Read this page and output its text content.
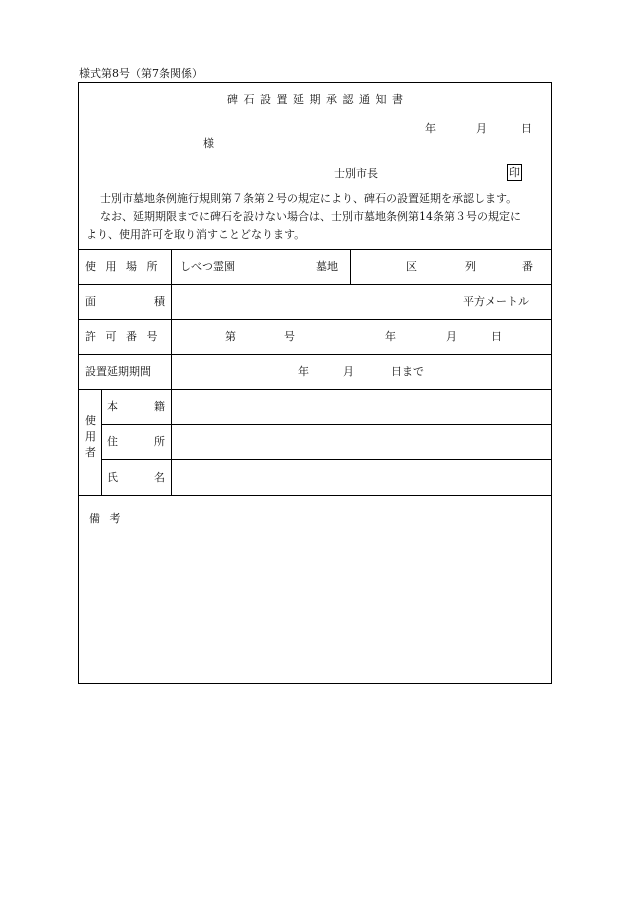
様式第8号（第7条関係）
碑 石 設 置 延 期 承 認 通 知 書
年	月	日
様
士別市長	印
士別市墓地条例施行規則第７条第２号の規定により、碑石の設置延期を承認します。
なお、延期期限までに碑石を設けない場合は、士別市墓地条例第14条第３号の規定に
より、使用許可を取り消すことどなります。
使 用 場 所 しべつ霊園	墓地	区	列	番
面 積	平方メートル
許 可 番 号	第	号	年	月	日
設置延期期間	年	月	日まで
使用者
本 籍
住 所
氏 名
備 考
